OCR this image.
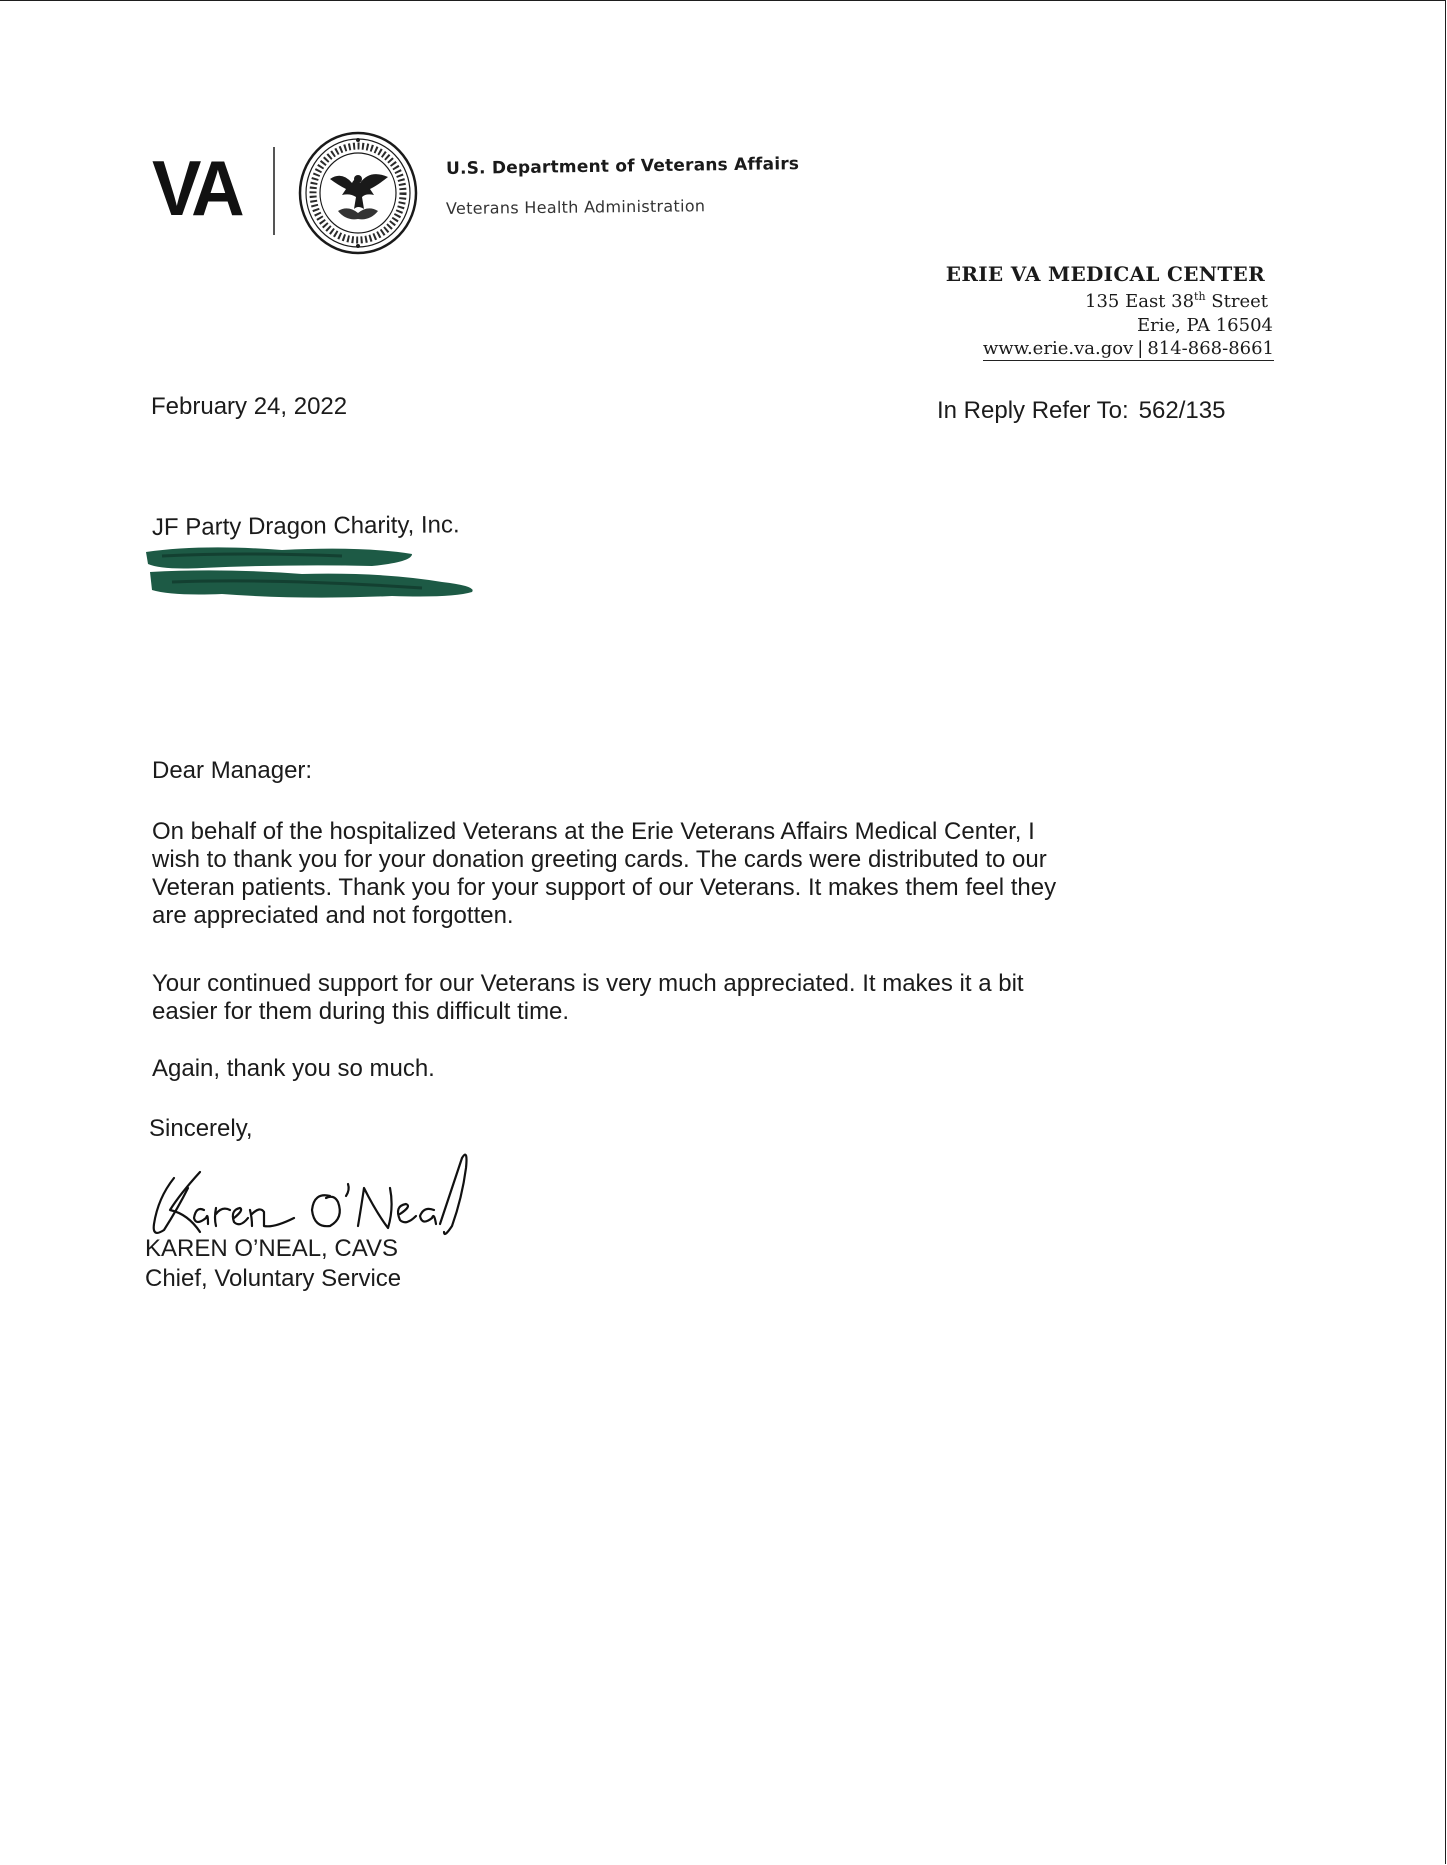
VA	U.S. Department of Veterans Affairs
Veterans Health Administration
ERIE VA MEDICAL CENTER
135 East 38th Street
Erie, PA 16504
www.erie.va.gov | 814-868-8661
February 24, 2022	In Reply Refer To: 562/135
JF Party Dragon Charity, Inc.
Dear Manager:
On behalf of the hospitalized Veterans at the Erie Veterans Affairs Medical Center, I
wish to thank you for your donation greeting cards. The cards were distributed to our
Veteran patients. Thank you for your support of our Veterans. It makes them feel they
are appreciated and not forgotten.
Your continued support for our Veterans is very much appreciated. It makes it a bit
easier for them during this difficult time.
Again, thank you so much.
Sincerely,
KAREN O’NEAL, CAVS
Chief, Voluntary Service
